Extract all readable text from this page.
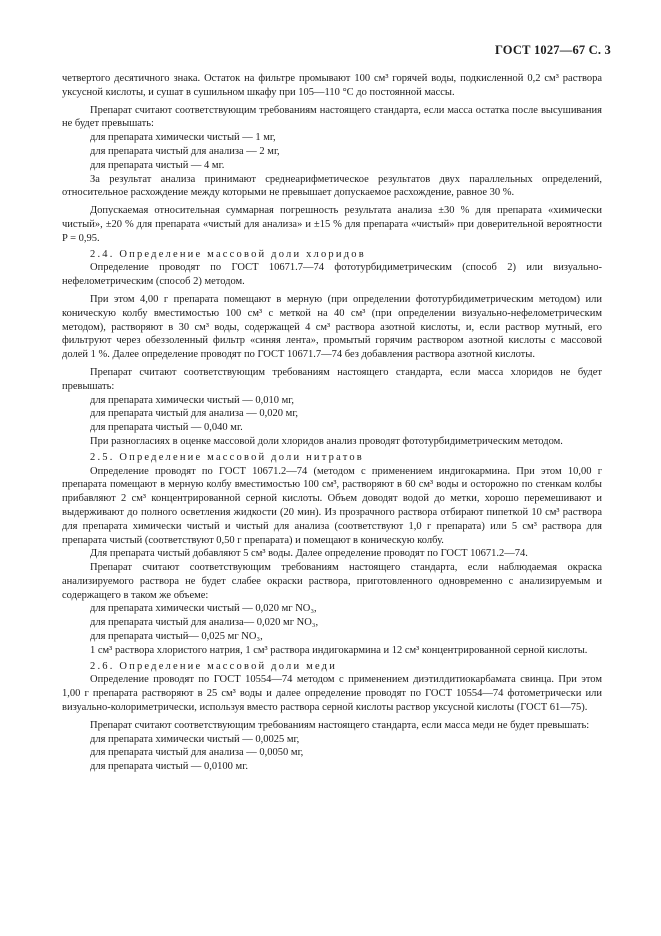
ГОСТ 1027—67 С. 3

четвертого десятичного знака. Остаток на фильтре промывают 100 см³ горячей воды, подкисленной 0,2 см³ раствора уксусной кислоты, и сушат в сушильном шкафу при 105—110 °С до постоянной массы.

Препарат считают соответствующим требованиям настоящего стандарта, если масса остатка после высушивания не будет превышать:

для препарата химически чистый — 1 мг,

для препарата чистый для анализа — 2 мг,

для препарата чистый — 4 мг.

За результат анализа принимают среднеарифметическое результатов двух параллельных определений, относительное расхождение между которыми не превышает допускаемое расхождение, равное 30 %.

Допускаемая относительная суммарная погрешность результата анализа ±30 % для препарата «химически чистый», ±20 % для препарата «чистый для анализа» и ±15 % для препарата «чистый» при доверительной вероятности P = 0,95.

2.4. Определение массовой доли хлоридов

Определение проводят по ГОСТ 10671.7—74 фототурбидиметрическим (способ 2) или визуально-нефелометрическим (способ 2) методом.

При этом 4,00 г препарата помещают в мерную (при определении фототурбидиметрическим методом) или коническую колбу вместимостью 100 см³ с меткой на 40 см³ (при определении визуально-нефелометрическим методом), растворяют в 30 см³ воды, содержащей 4 см³ раствора азотной кислоты, и, если раствор мутный, его фильтруют через обеззоленный фильтр «синяя лента», промытый горячим раствором азотной кислоты с массовой долей 1 %. Далее определение проводят по ГОСТ 10671.7—74 без добавления раствора азотной кислоты.

Препарат считают соответствующим требованиям настоящего стандарта, если масса хлоридов не будет превышать:

для препарата химически чистый — 0,010 мг,

для препарата чистый для анализа — 0,020 мг,

для препарата чистый — 0,040 мг.

При разногласиях в оценке массовой доли хлоридов анализ проводят фототурбидиметрическим методом.

2.5. Определение массовой доли нитратов

Определение проводят по ГОСТ 10671.2—74 (методом с применением индигокармина. При этом 10,00 г препарата помещают в мерную колбу вместимостью 100 см³, растворяют в 60 см³ воды и осторожно по стенкам колбы прибавляют 2 см³ концентрированной серной кислоты. Объем доводят водой до метки, хорошо перемешивают и выдерживают до полного осветления жидкости (20 мин). Из прозрачного раствора отбирают пипеткой 10 см³ раствора для препарата химически чистый и чистый для анализа (соответствуют 1,0 г препарата) или 5 см³ раствора для препарата чистый (соответствуют 0,50 г препарата) и помещают в коническую колбу.

Для препарата чистый добавляют 5 см³ воды. Далее определение проводят по ГОСТ 10671.2—74.

Препарат считают соответствующим требованиям настоящего стандарта, если наблюдаемая окраска анализируемого раствора не будет слабее окраски раствора, приготовленного одновременно с анализируемым и содержащего в таком же объеме:

для препарата химически чистый — 0,020 мг NO₃,

для препарата чистый для анализа— 0,020 мг NO₃,

для препарата чистый— 0,025 мг NO₃,

1 см³ раствора хлористого натрия, 1 см³ раствора индигокармина и 12 см³ концентрированной серной кислоты.

2.6. Определение массовой доли меди

Определение проводят по ГОСТ 10554—74 методом с применением диэтилдитиокарбамата свинца. При этом 1,00 г препарата растворяют в 25 см³ воды и далее определение проводят по ГОСТ 10554—74 фотометрически или визуально-колориметрически, используя вместо раствора серной кислоты раствор уксусной кислоты (ГОСТ 61—75).

Препарат считают соответствующим требованиям настоящего стандарта, если масса меди не будет превышать:

для препарата химически чистый — 0,0025 мг,

для препарата чистый для анализа — 0,0050 мг,

для препарата чистый — 0,0100 мг.
